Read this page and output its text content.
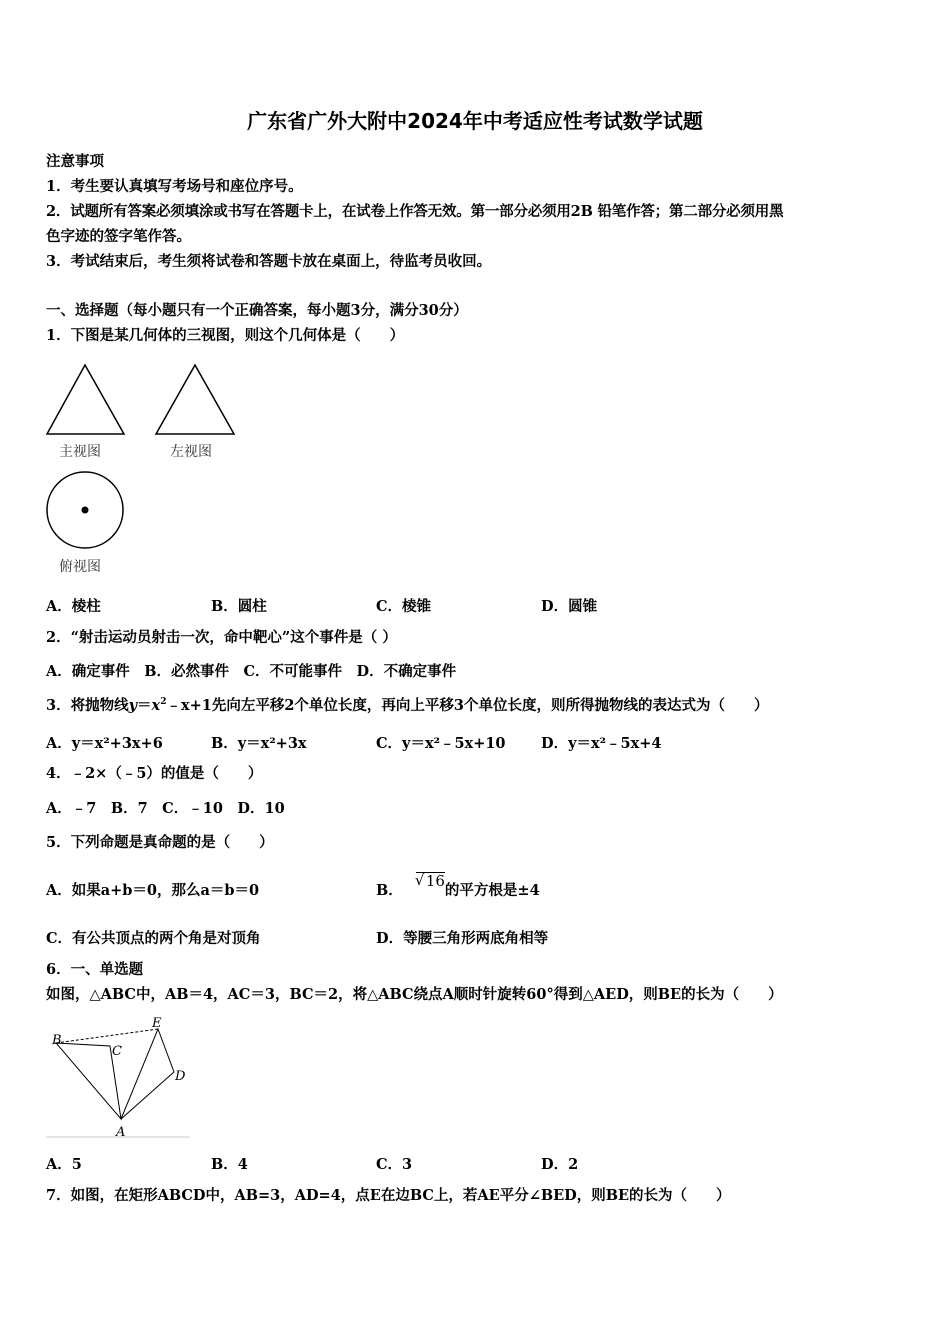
广东省广外大附中2024年中考适应性考试数学试题
注意事项
1．考生要认真填写考场号和座位序号。
2．试题所有答案必须填涂或书写在答题卡上，在试卷上作答无效。第一部分必须用2B 铅笔作答；第二部分必须用黑
色字迹的签字笔作答。
3．考试结束后，考生须将试卷和答题卡放在桌面上，待监考员收回。
一、选择题（每小题只有一个正确答案，每小题3分，满分30分）
1．下图是某几何体的三视图，则这个几何体是（　　）
主视图	左视图
俯视图
A．棱柱	B．圆柱	C．棱锥	D．圆锥
2．“射击运动员射击一次，命中靶心”这个事件是（ ）
A．确定事件　B．必然事件　C．不可能事件　D．不确定事件
3．将抛物线$y=x^2﹣x+1$先向左平移2个单位长度，再向上平移3个单位长度，则所得抛物线的表达式为（　　）
A．y＝x²+3x+6	B．y＝x²+3x	C．y＝x²﹣5x+10 D．y＝x²﹣5x+4
4．﹣2×（﹣5）的值是（　　）
A．﹣7　B．7　C．﹣10　D．10
5．下列命题是真命题的是（　　）
A．如果a+b＝0，那么a＝b＝0	B．
√ 16的平方根是±4
C．有公共顶点的两个角是对顶角	D．等腰三角形两底角相等
6．一、单选题
如图，△ABC中，AB＝4，AC＝3，BC＝2，将△ABC绕点A顺时针旋转60°得到△AED，则BE的长为（　　）
B
C
E
D
A
A．5	B．4	C．3	D．2
7．如图，在矩形ABCD中，AB=3，AD=4，点E在边BC上，若AE平分∠BED，则BE的长为（　　）
